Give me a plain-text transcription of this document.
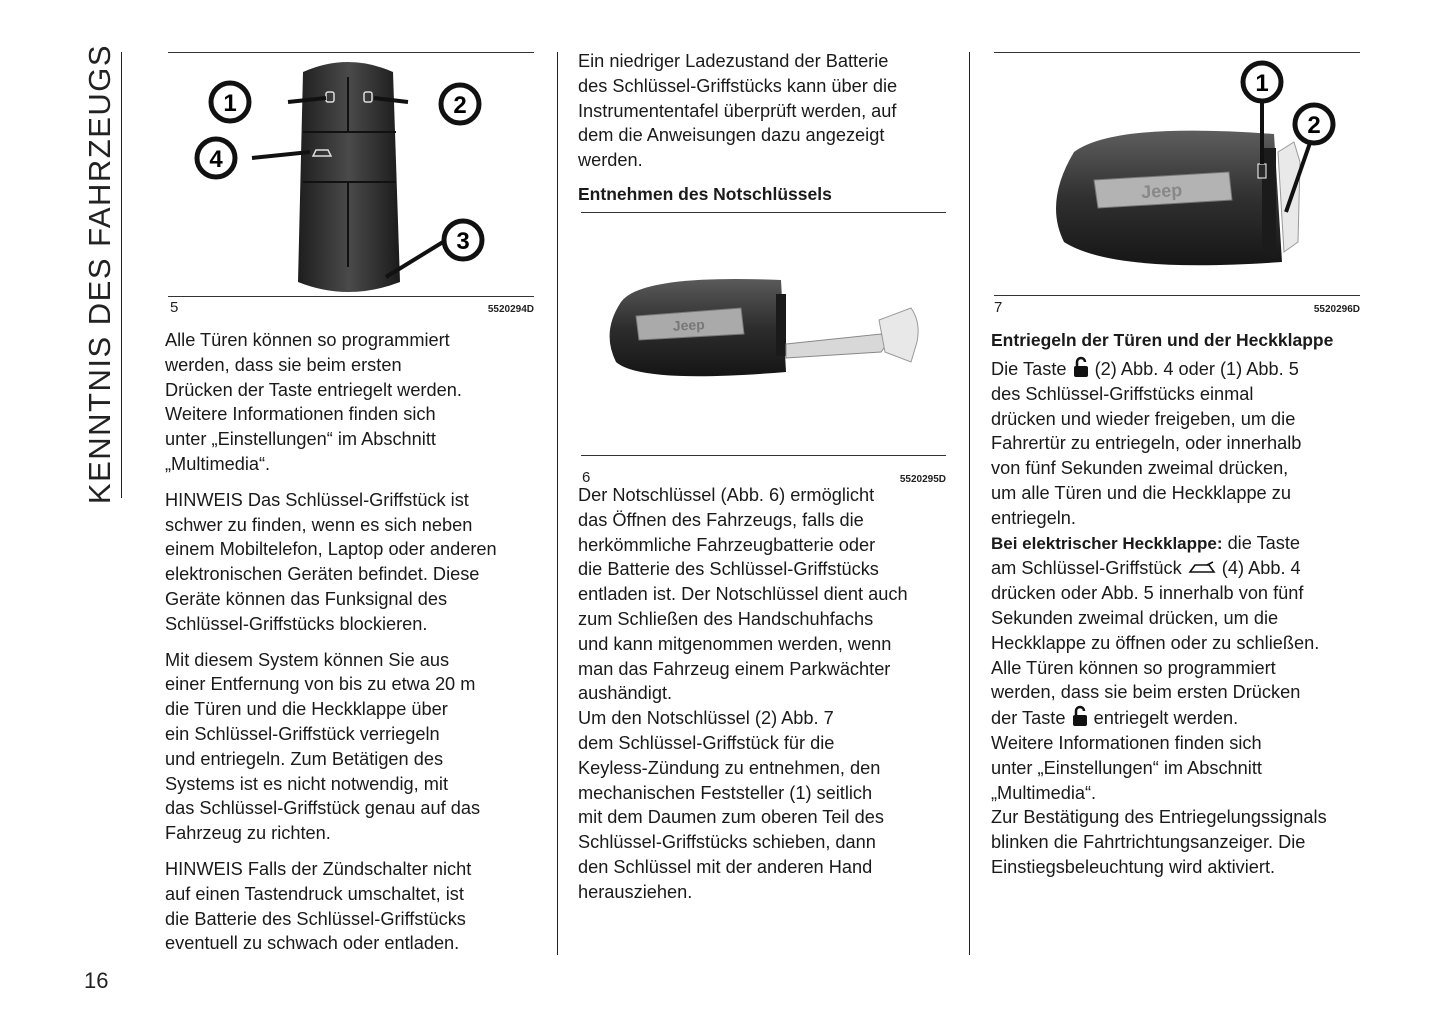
KENNTNIS DES FAHRZEUGS
16
1	2
3
4
5	5520294D

Alle Türen können so programmiert
werden, dass sie beim ersten
Drücken der Taste entriegelt werden.
Weitere Informationen finden sich
unter „Einstellungen“ im Abschnitt
„Multimedia“.

HINWEIS Das Schlüssel-Griffstück ist
schwer zu finden, wenn es sich neben
einem Mobiltelefon, Laptop oder anderen
elektronischen Geräten befindet. Diese
Geräte können das Funksignal des
Schlüssel-Griffstücks blockieren.

Mit diesem System können Sie aus
einer Entfernung von bis zu etwa 20 m
die Türen und die Heckklappe über
ein Schlüssel-Griffstück verriegeln
und entriegeln. Zum Betätigen des
Systems ist es nicht notwendig, mit
das Schlüssel-Griffstück genau auf das
Fahrzeug zu richten.

HINWEIS Falls der Zündschalter nicht
auf einen Tastendruck umschaltet, ist
die Batterie des Schlüssel-Griffstücks
eventuell zu schwach oder entladen.

Ein niedriger Ladezustand der Batterie
des Schlüssel-Griffstücks kann über die
Instrumententafel überprüft werden, auf
dem die Anweisungen dazu angezeigt
werden.

Entnehmen des Notschlüssels
Jeep
6	5520295D

Der Notschlüssel (Abb. 6) ermöglicht
das Öffnen des Fahrzeugs, falls die
herkömmliche Fahrzeugbatterie oder
die Batterie des Schlüssel-Griffstücks
entladen ist. Der Notschlüssel dient auch
zum Schließen des Handschuhfachs
und kann mitgenommen werden, wenn
man das Fahrzeug einem Parkwächter
aushändigt.

Um den Notschlüssel (2) Abb. 7
dem Schlüssel-Griffstück für die
Keyless-Zündung zu entnehmen, den
mechanischen Feststeller (1) seitlich
mit dem Daumen zum oberen Teil des
Schlüssel-Griffstücks schieben, dann
den Schlüssel mit der anderen Hand
herausziehen.

Jeep
1
2
7	5520296D
Entriegeln der Türen und der Heckklappe

Die Taste  (2) Abb. 4 oder (1) Abb. 5
des Schlüssel-Griffstücks einmal
drücken und wieder freigeben, um die
Fahrertür zu entriegeln, oder innerhalb
von fünf Sekunden zweimal drücken,
um alle Türen und die Heckklappe zu
entriegeln.
Bei elektrischer Heckklappe: die Taste
am Schlüssel-Griffstück  (4) Abb. 4
drücken oder Abb. 5 innerhalb von fünf
Sekunden zweimal drücken, um die
Heckklappe zu öffnen oder zu schließen.
Alle Türen können so programmiert
werden, dass sie beim ersten Drücken
der Taste  entriegelt werden.
Weitere Informationen finden sich
unter „Einstellungen“ im Abschnitt
„Multimedia“.
Zur Bestätigung des Entriegelungssignals
blinken die Fahrtrichtungsanzeiger. Die
Einstiegsbeleuchtung wird aktiviert.
